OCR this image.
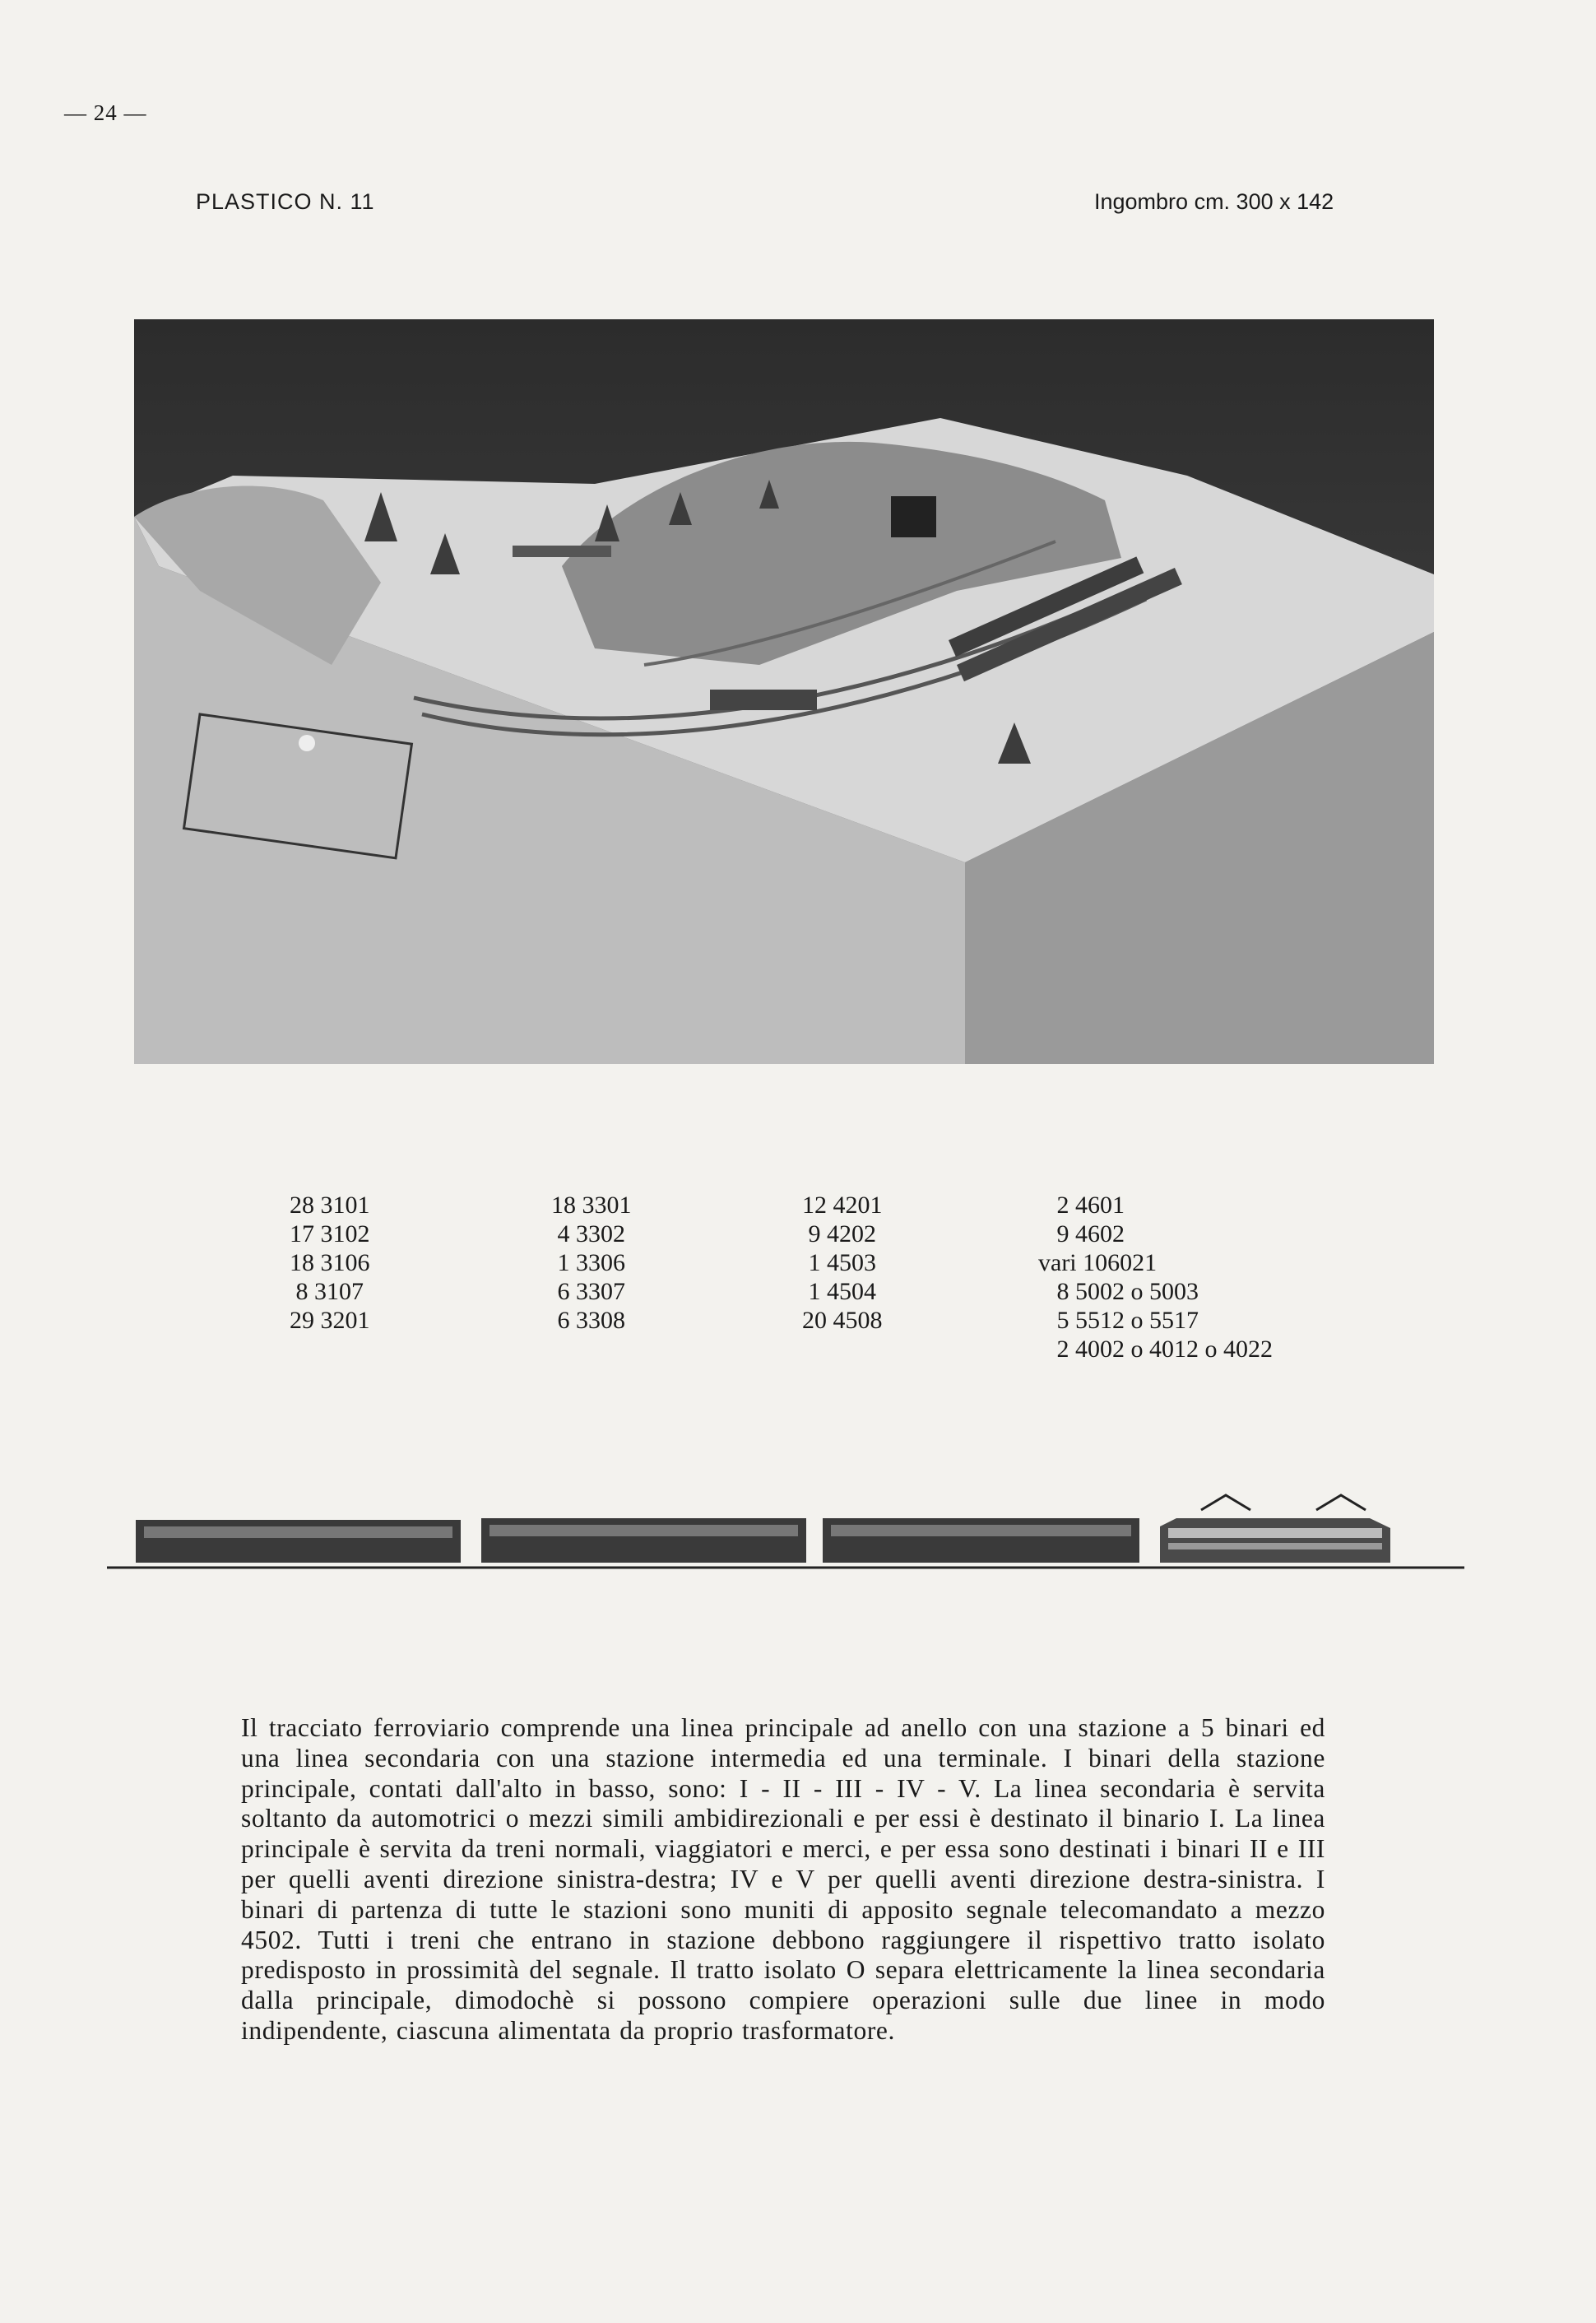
— 24 —
PLASTICO N. 11	Ingombro cm. 300 x 142
28 3101
17 3102
18 3106
8 3107
29 3201
18 3301
4 3302
1 3306
6 3307
6 3308
12 4201
9 4202
1 4503
1 4504
20 4508
2 4601
9 4602
vari 106021
8 5002 o 5003
5 5512 o 5517
2 4002 o 4012 o 4022
Il tracciato ferroviario comprende una linea principale ad anello con una stazione a 5 binari ed una linea secondaria con una stazione intermedia ed una terminale. I binari della stazione principale, contati dall'alto in basso, sono: I - II - III - IV - V. La linea secondaria è servita soltanto da automotrici o mezzi simili ambidirezionali e per essi è destinato il binario I. La linea principale è servita da treni normali, viaggiatori e merci, e per essa sono destinati i binari II e III per quelli aventi direzione sinistra-destra; IV e V per quelli aventi direzione destra-sinistra. I binari di partenza di tutte le stazioni sono muniti di apposito segnale telecomandato a mezzo 4502. Tutti i treni che entrano in stazione debbono raggiungere il rispettivo tratto isolato predisposto in prossimità del segnale. Il tratto isolato O separa elettricamente la linea secondaria dalla principale, dimodochè si possono compiere operazioni sulle due linee in modo indipendente, ciascuna alimentata da proprio trasformatore.
